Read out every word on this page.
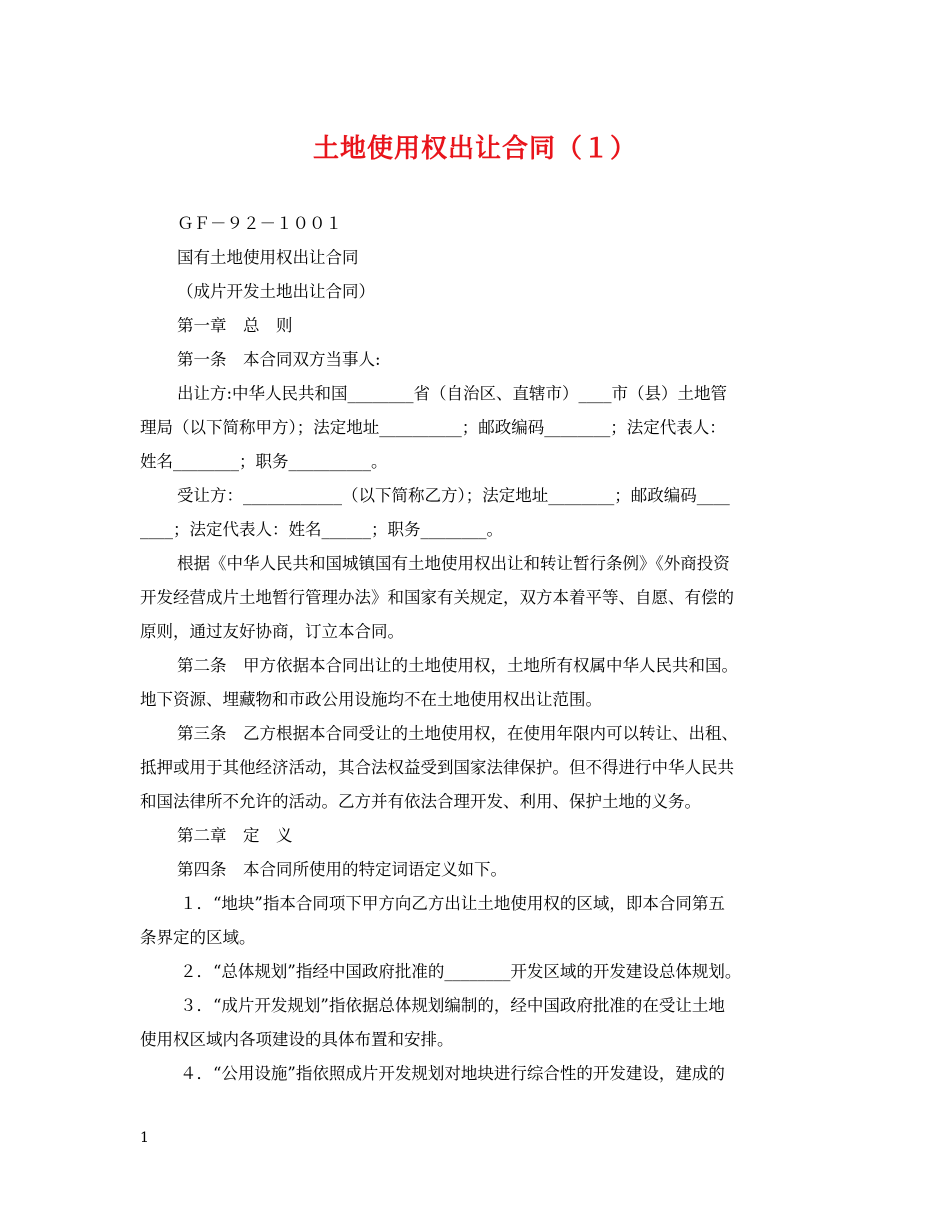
土地使用权出让合同（１）
ＧＦ－９２－１００１
国有土地使用权出让合同
（成片开发土地出让合同）
第一章　总　则
第一条　本合同双方当事人:
出让方:中华人民共和国________省（自治区、直辖市）____市（县）土地管
理局（以下简称甲方）；法定地址__________；邮政编码________；法定代表人：
姓名________；职务__________。
受让方：____________（以下简称乙方）；法定地址________；邮政编码____
____；法定代表人：姓名______；职务________。
根据《中华人民共和国城镇国有土地使用权出让和转让暂行条例》《外商投资
开发经营成片土地暂行管理办法》和国家有关规定，双方本着平等、自愿、有偿的
原则，通过友好协商，订立本合同。
第二条　甲方依据本合同出让的土地使用权，土地所有权属中华人民共和国。
地下资源、埋藏物和市政公用设施均不在土地使用权出让范围。
第三条　乙方根据本合同受让的土地使用权，在使用年限内可以转让、出租、
抵押或用于其他经济活动，其合法权益受到国家法律保护。但不得进行中华人民共
和国法律所不允许的活动。乙方并有依法合理开发、利用、保护土地的义务。
第二章　定　义
第四条　本合同所使用的特定词语定义如下。
１．“地块”指本合同项下甲方向乙方出让土地使用权的区域，即本合同第五
条界定的区域。
２．“总体规划”指经中国政府批准的________开发区域的开发建设总体规划。
３．“成片开发规划”指依据总体规划编制的，经中国政府批准的在受让土地
使用权区域内各项建设的具体布置和安排。
４．“公用设施”指依照成片开发规划对地块进行综合性的开发建设，建成的
1
